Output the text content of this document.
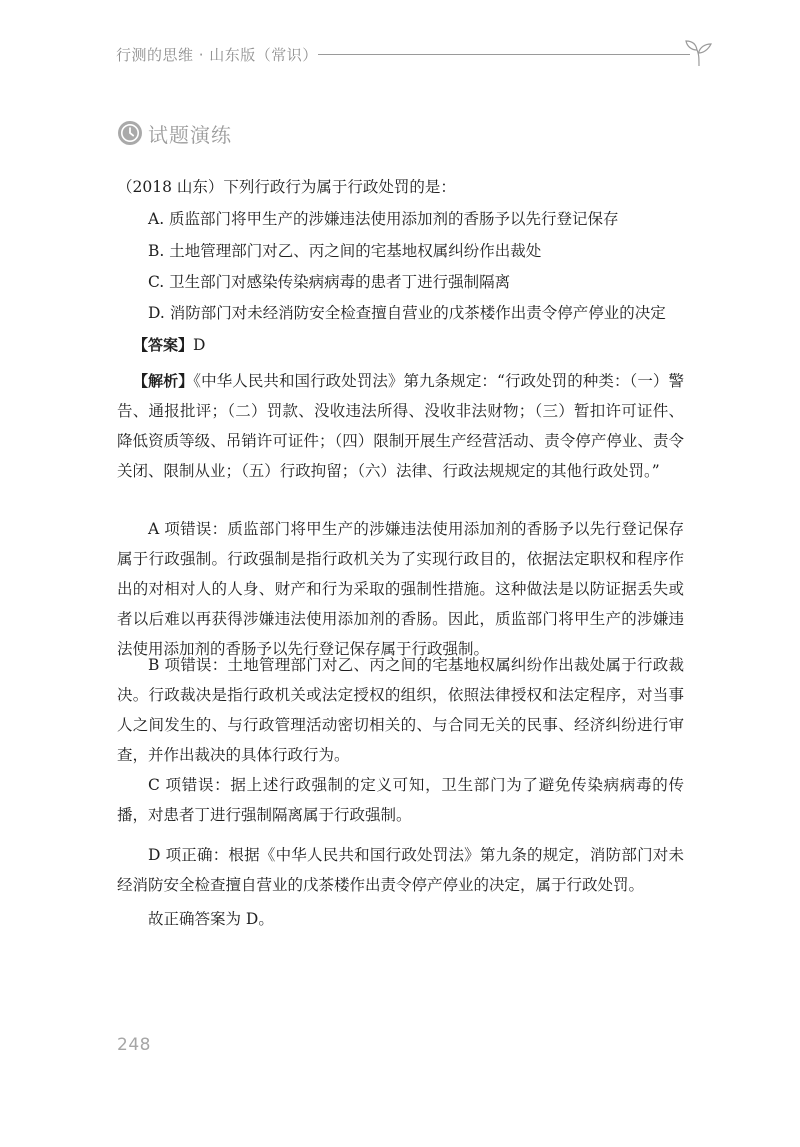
行测的思维 · 山东版（常识）
试题演练

（2018 山东）下列行政行为属于行政处罚的是：

A. 质监部门将甲生产的涉嫌违法使用添加剂的香肠予以先行登记保存

B. 土地管理部门对乙、丙之间的宅基地权属纠纷作出裁处

C. 卫生部门对感染传染病病毒的患者丁进行强制隔离

D. 消防部门对未经消防安全检查擅自营业的戊茶楼作出责令停产停业的决定

【答案】D

【解析】《中华人民共和国行政处罚法》第九条规定：“行政处罚的种类：（一）警告、通报批评；（二）罚款、没收违法所得、没收非法财物；（三）暂扣许可证件、降低资质等级、吊销许可证件；（四）限制开展生产经营活动、责令停产停业、责令关闭、限制从业；（五）行政拘留；（六）法律、行政法规规定的其他行政处罚。”

A 项错误：质监部门将甲生产的涉嫌违法使用添加剂的香肠予以先行登记保存属于行政强制。行政强制是指行政机关为了实现行政目的，依据法定职权和程序作出的对相对人的人身、财产和行为采取的强制性措施。这种做法是以防证据丢失或者以后难以再获得涉嫌违法使用添加剂的香肠。因此，质监部门将甲生产的涉嫌违法使用添加剂的香肠予以先行登记保存属于行政强制。

B 项错误：土地管理部门对乙、丙之间的宅基地权属纠纷作出裁处属于行政裁决。行政裁决是指行政机关或法定授权的组织，依照法律授权和法定程序，对当事人之间发生的、与行政管理活动密切相关的、与合同无关的民事、经济纠纷进行审查，并作出裁决的具体行政行为。

C 项错误：据上述行政强制的定义可知，卫生部门为了避免传染病病毒的传播，对患者丁进行强制隔离属于行政强制。

D 项正确：根据《中华人民共和国行政处罚法》第九条的规定，消防部门对未经消防安全检查擅自营业的戊茶楼作出责令停产停业的决定，属于行政处罚。

故正确答案为 D。

248
